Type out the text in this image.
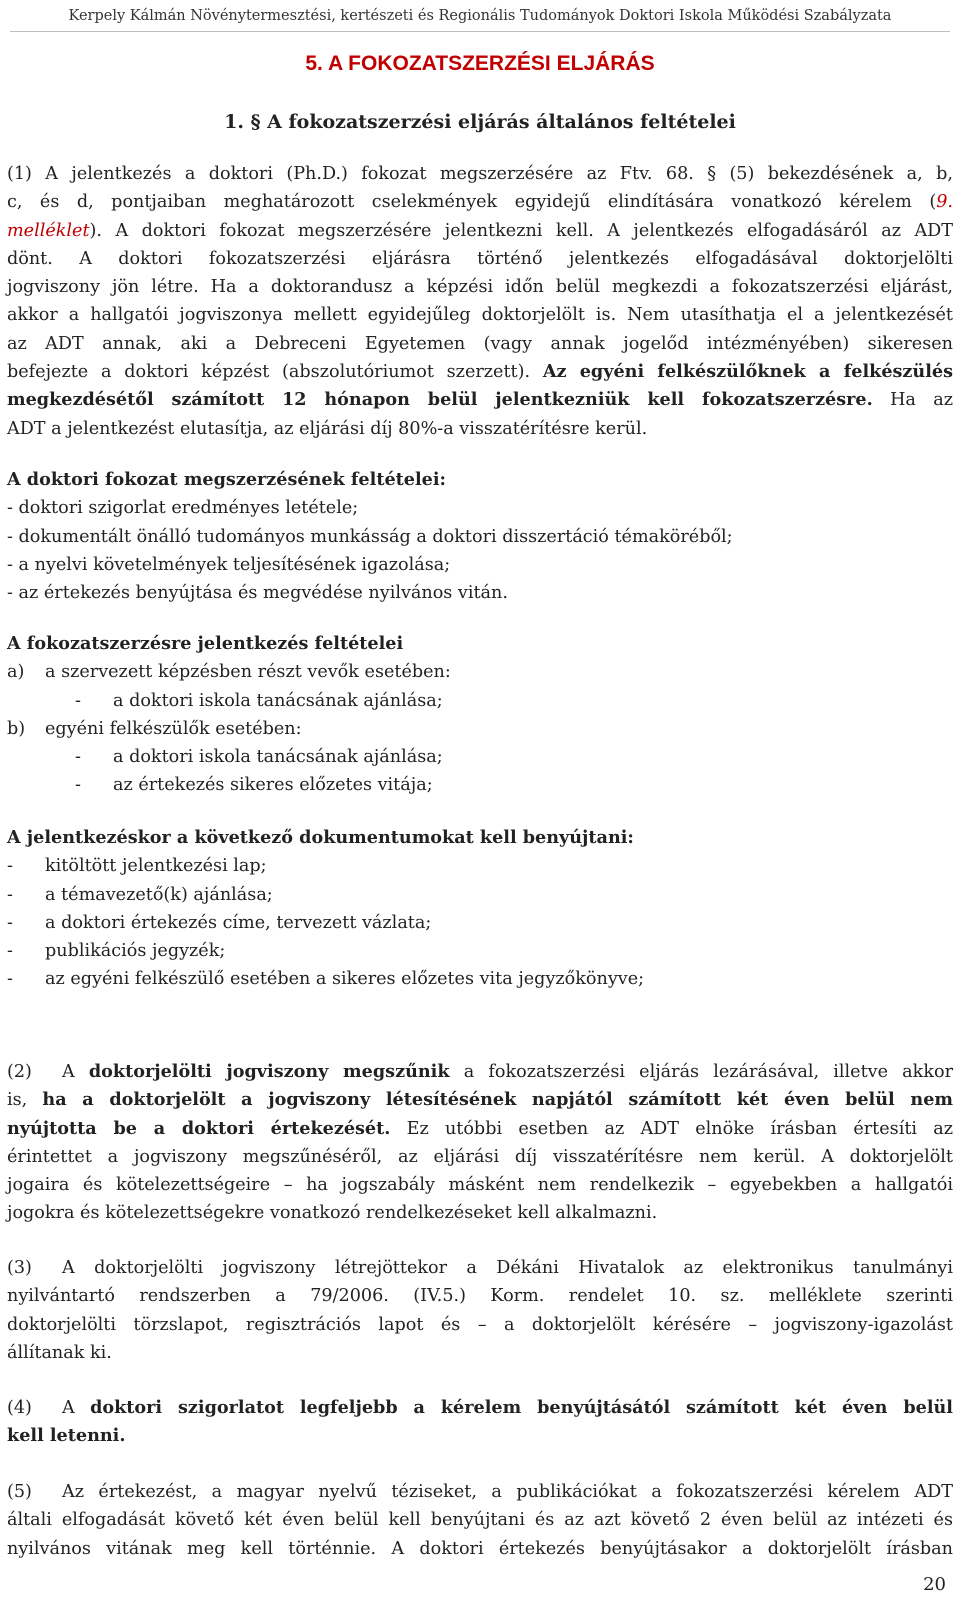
Kerpely Kálmán Növénytermesztési, kertészeti és Regionális Tudományok Doktori Iskola Működési Szabályzata
5. A FOKOZATSZERZÉSI ELJÁRÁS
1. § A fokozatszerzési eljárás általános feltételei
(1) A jelentkezés a doktori (Ph.D.) fokozat megszerzésére az Ftv. 68. § (5) bekezdésének a, b,
c, és d, pontjaiban meghatározott cselekmények egyidejű elindítására vonatkozó kérelem (9.
melléklet). A doktori fokozat megszerzésére jelentkezni kell. A jelentkezés elfogadásáról az ADT
dönt. A doktori fokozatszerzési eljárásra történő jelentkezés elfogadásával doktorjelölti
jogviszony jön létre. Ha a doktorandusz a képzési időn belül megkezdi a fokozatszerzési eljárást,
akkor a hallgatói jogviszonya mellett egyidejűleg doktorjelölt is. Nem utasíthatja el a jelentkezését
az ADT annak, aki a Debreceni Egyetemen (vagy annak jogelőd intézményében) sikeresen
befejezte a doktori képzést (abszolutóriumot szerzett). Az egyéni felkészülőknek a felkészülés
megkezdésétől számított 12 hónapon belül jelentkezniük kell fokozatszerzésre. Ha az
ADT a jelentkezést elutasítja, az eljárási díj 80%-a visszatérítésre kerül.
A doktori fokozat megszerzésének feltételei:
- doktori szigorlat eredményes letétele;
- dokumentált önálló tudományos munkásság a doktori disszertáció témaköréből;
- a nyelvi követelmények teljesítésének igazolása;
- az értekezés benyújtása és megvédése nyilvános vitán.
A fokozatszerzésre jelentkezés feltételei
a) a szervezett képzésben részt vevők esetében:
- a doktori iskola tanácsának ajánlása;
b) egyéni felkészülők esetében:
- a doktori iskola tanácsának ajánlása;
- az értekezés sikeres előzetes vitája;
A jelentkezéskor a következő dokumentumokat kell benyújtani:
- kitöltött jelentkezési lap;
- a témavezető(k) ajánlása;
- a doktori értekezés címe, tervezett vázlata;
- publikációs jegyzék;
- az egyéni felkészülő esetében a sikeres előzetes vita jegyzőkönyve;
(2) A doktorjelölti jogviszony megszűnik a fokozatszerzési eljárás lezárásával, illetve akkor
is, ha a doktorjelölt a jogviszony létesítésének napjától számított két éven belül nem
nyújtotta be a doktori értekezését. Ez utóbbi esetben az ADT elnöke írásban értesíti az
érintettet a jogviszony megszűnéséről, az eljárási díj visszatérítésre nem kerül. A doktorjelölt
jogaira és kötelezettségeire – ha jogszabály másként nem rendelkezik – egyebekben a hallgatói
jogokra és kötelezettségekre vonatkozó rendelkezéseket kell alkalmazni.
(3) A doktorjelölti jogviszony létrejöttekor a Dékáni Hivatalok az elektronikus tanulmányi
nyilvántartó rendszerben a 79/2006. (IV.5.) Korm. rendelet 10. sz. melléklete szerinti
doktorjelölti törzslapot, regisztrációs lapot és – a doktorjelölt kérésére – jogviszony-igazolást
állítanak ki.
(4) A doktori szigorlatot legfeljebb a kérelem benyújtásától számított két éven belül
kell letenni.
(5) Az értekezést, a magyar nyelvű téziseket, a publikációkat a fokozatszerzési kérelem ADT
általi elfogadását követő két éven belül kell benyújtani és az azt követő 2 éven belül az intézeti és
nyilvános vitának meg kell történnie. A doktori értekezés benyújtásakor a doktorjelölt írásban
20
